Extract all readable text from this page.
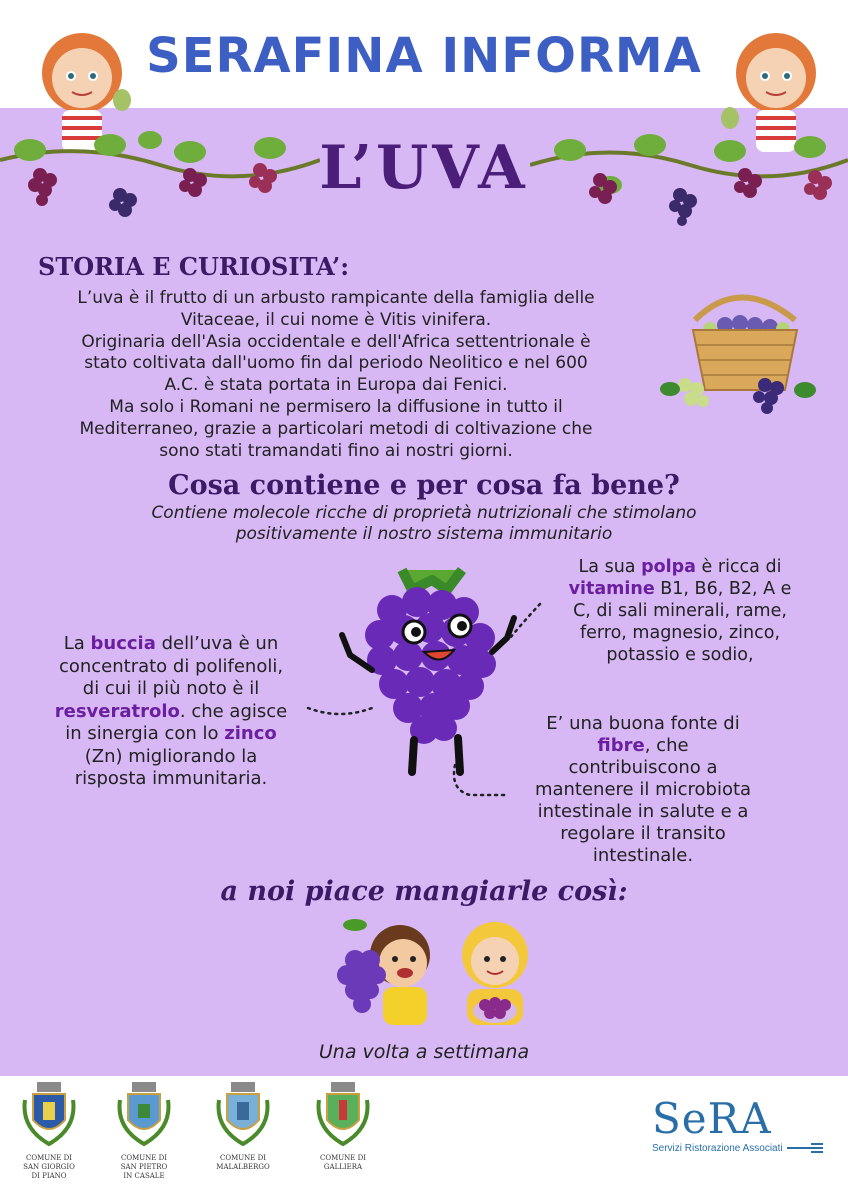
SERAFINA INFORMA
L’UVA
STORIA E CURIOSITA’:
L’uva è il frutto di un arbusto rampicante della famiglia delle
Vitaceae, il cui nome è Vitis vinifera.
Originaria dell'Asia occidentale e dell'Africa settentrionale è
stato coltivata dall'uomo fin dal periodo Neolitico e nel 600
A.C. è stata portata in Europa dai Fenici.
Ma solo i Romani ne permisero la diffusione in tutto il
Mediterraneo, grazie a particolari metodi di coltivazione che
sono stati tramandati fino ai nostri giorni.
Cosa contiene e per cosa fa bene?
Contiene molecole ricche di proprietà nutrizionali che stimolano
positivamente il nostro sistema immunitario
La sua polpa è ricca di
vitamine B1, B6, B2, A e
C, di sali minerali, rame,
ferro, magnesio, zinco,
potassio e sodio,
La buccia dell’uva è un
concentrato di polifenoli,
di cui il più noto è il
resveratrolo. che agisce
in sinergia con lo zinco
(Zn) migliorando la
risposta immunitaria.
E’ una buona fonte di
fibre, che
contribuiscono a
mantenere il microbiota
intestinale in salute e a
regolare il transito
intestinale.
a noi piace mangiarle così:
Una volta a settimana
COMUNE DI
SAN GIORGIO
DI PIANO
COMUNE DI
SAN PIETRO
IN CASALE
COMUNE DI
MALALBERGO
COMUNE DI
GALLIERA
SeRA
Servizi Ristorazione Associati
